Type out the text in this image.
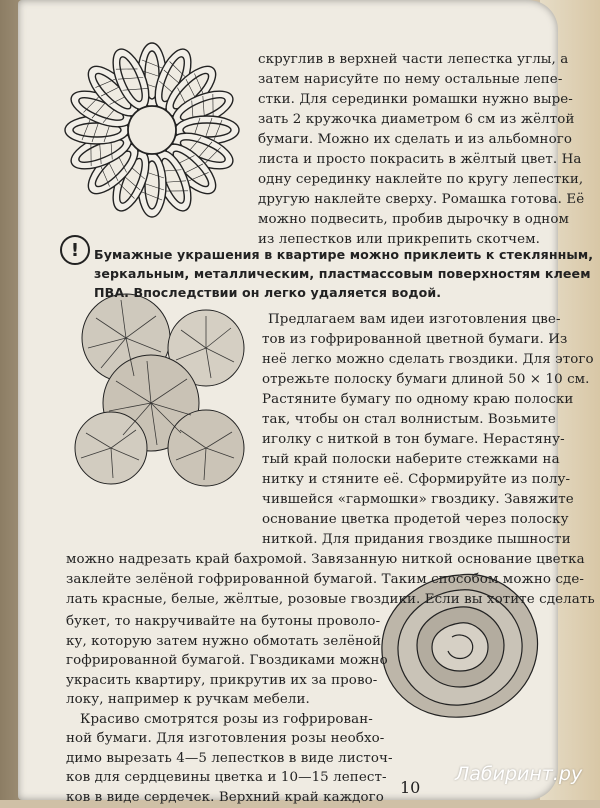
скруглив в верхней части лепестка углы, а
затем нарисуйте по нему остальные лепе-
стки. Для серединки ромашки нужно выре-
зать 2 кружочка диаметром 6 см из жёлтой
бумаги. Можно их сделать и из альбомного
листа и просто покрасить в жёлтый цвет. На
одну серединку наклейте по кругу лепестки,
другую наклейте сверху. Ромашка готова. Её
можно подвесить, пробив дырочку в одном
из лепестков или прикрепить скотчем.
!	Бумажные украшения в квартире можно приклеить к стеклянным,
зеркальным, металлическим, пластмассовым поверхностям клеем
ПВА. Впоследствии он легко удаляется водой.
Предлагаем вам идеи изготовления цве-
тов из гофрированной цветной бумаги. Из
неё легко можно сделать гвоздики. Для этого
отрежьте полоску бумаги длиной 50 × 10 см.
Растяните бумагу по одному краю полоски
так, чтобы он стал волнистым. Возьмите
иголку с ниткой в тон бумаге. Нерастяну-
тый край полоски наберите стежками на
нитку и стяните её. Сформируйте из полу-
чившейся «гармошки» гвоздику. Завяжите
основание цветка продетой через полоску
ниткой. Для придания гвоздике пышности
можно надрезать край бахромой. Завязанную ниткой основание цветка
заклейте зелёной гофрированной бумагой. Таким способом можно сде-
лать красные, белые, жёлтые, розовые гвоздики. Если вы хотите сделать
букет, то накручивайте на бутоны проволо-
ку, которую затем нужно обмотать зелёной
гофрированной бумагой. Гвоздиками можно
украсить квартиру, прикрутив их за прово-
локу, например к ручкам мебели.
Красиво смотрятся розы из гофрирован-
ной бумаги. Для изготовления розы необхо-
димо вырезать 4—5 лепестков в виде листоч-
ков для сердцевины цветка и 10—15 лепест-
ков в виде сердечек. Верхний край каждого 10
Лабиринт.ру
